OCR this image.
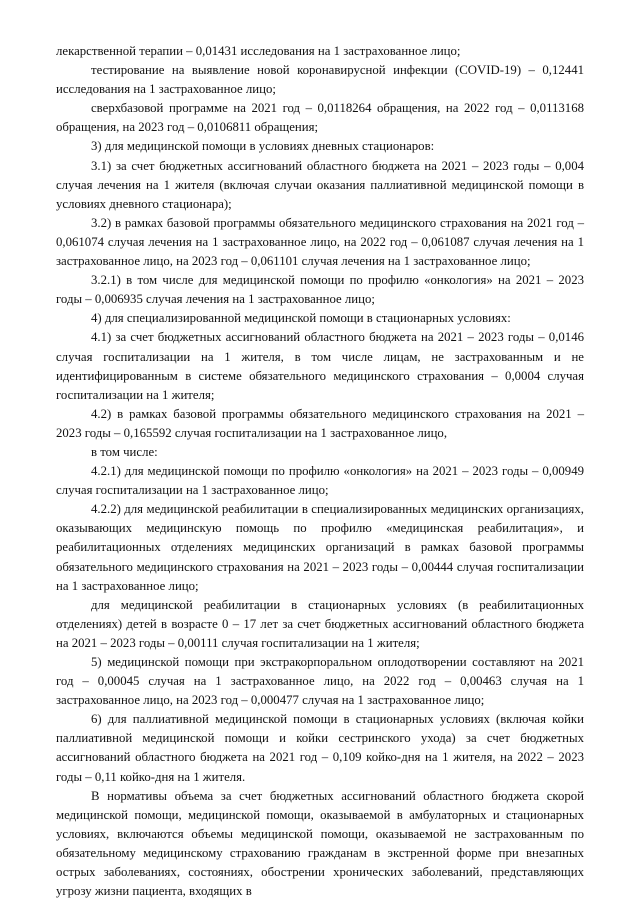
лекарственной терапии – 0,01431 исследования на 1 застрахованное лицо;

тестирование на выявление новой коронавирусной инфекции (COVID-19) – 0,12441 исследования на 1 застрахованное лицо;

сверхбазовой программе на 2021 год – 0,0118264 обращения, на 2022 год – 0,0113168 обращения, на 2023 год – 0,0106811 обращения;

3) для медицинской помощи в условиях дневных стационаров:

3.1) за счет бюджетных ассигнований областного бюджета на 2021 – 2023 годы – 0,004 случая лечения на 1 жителя (включая случаи оказания паллиативной медицинской помощи в условиях дневного стационара);

3.2) в рамках базовой программы обязательного медицинского страхования на 2021 год – 0,061074 случая лечения на 1 застрахованное лицо, на 2022 год – 0,061087 случая лечения на 1 застрахованное лицо, на 2023 год – 0,061101 случая лечения на 1 застрахованное лицо;

3.2.1) в том числе для медицинской помощи по профилю «онкология» на 2021 – 2023 годы – 0,006935 случая лечения на 1 застрахованное лицо;

4) для специализированной медицинской помощи в стационарных условиях:

4.1) за счет бюджетных ассигнований областного бюджета на 2021 – 2023 годы – 0,0146 случая госпитализации на 1 жителя, в том числе лицам, не застрахованным и не идентифицированным в системе обязательного медицинского страхования – 0,0004 случая госпитализации на 1 жителя;

4.2) в рамках базовой программы обязательного медицинского страхования на 2021 – 2023 годы – 0,165592 случая госпитализации на 1 застрахованное лицо,

в том числе:

4.2.1) для медицинской помощи по профилю «онкология» на 2021 – 2023 годы – 0,00949 случая госпитализации на 1 застрахованное лицо;

4.2.2) для медицинской реабилитации в специализированных медицинских организациях, оказывающих медицинскую помощь по профилю «медицинская реабилитация», и реабилитационных отделениях медицинских организаций в рамках базовой программы обязательного медицинского страхования на 2021 – 2023 годы – 0,00444 случая госпитализации на 1 застрахованное лицо;

для медицинской реабилитации в стационарных условиях (в реабилитационных отделениях) детей в возрасте 0 – 17 лет за счет бюджетных ассигнований областного бюджета на 2021 – 2023 годы – 0,00111 случая госпитализации на 1 жителя;

5) медицинской помощи при экстракорпоральном оплодотворении составляют на 2021 год – 0,00045 случая на 1 застрахованное лицо, на 2022 год – 0,00463 случая на 1 застрахованное лицо, на 2023 год – 0,000477 случая на 1 застрахованное лицо;

6) для паллиативной медицинской помощи в стационарных условиях (включая койки паллиативной медицинской помощи и койки сестринского ухода) за счет бюджетных ассигнований областного бюджета на 2021 год – 0,109 койко-дня на 1 жителя, на 2022 – 2023 годы – 0,11 койко-дня на 1 жителя.

В нормативы объема за счет бюджетных ассигнований областного бюджета скорой медицинской помощи, медицинской помощи, оказываемой в амбулаторных и стационарных условиях, включаются объемы медицинской помощи, оказываемой не застрахованным по обязательному медицинскому страхованию гражданам в экстренной форме при внезапных острых заболеваниях, состояниях, обострении хронических заболеваний, представляющих угрозу жизни пациента, входящих в
